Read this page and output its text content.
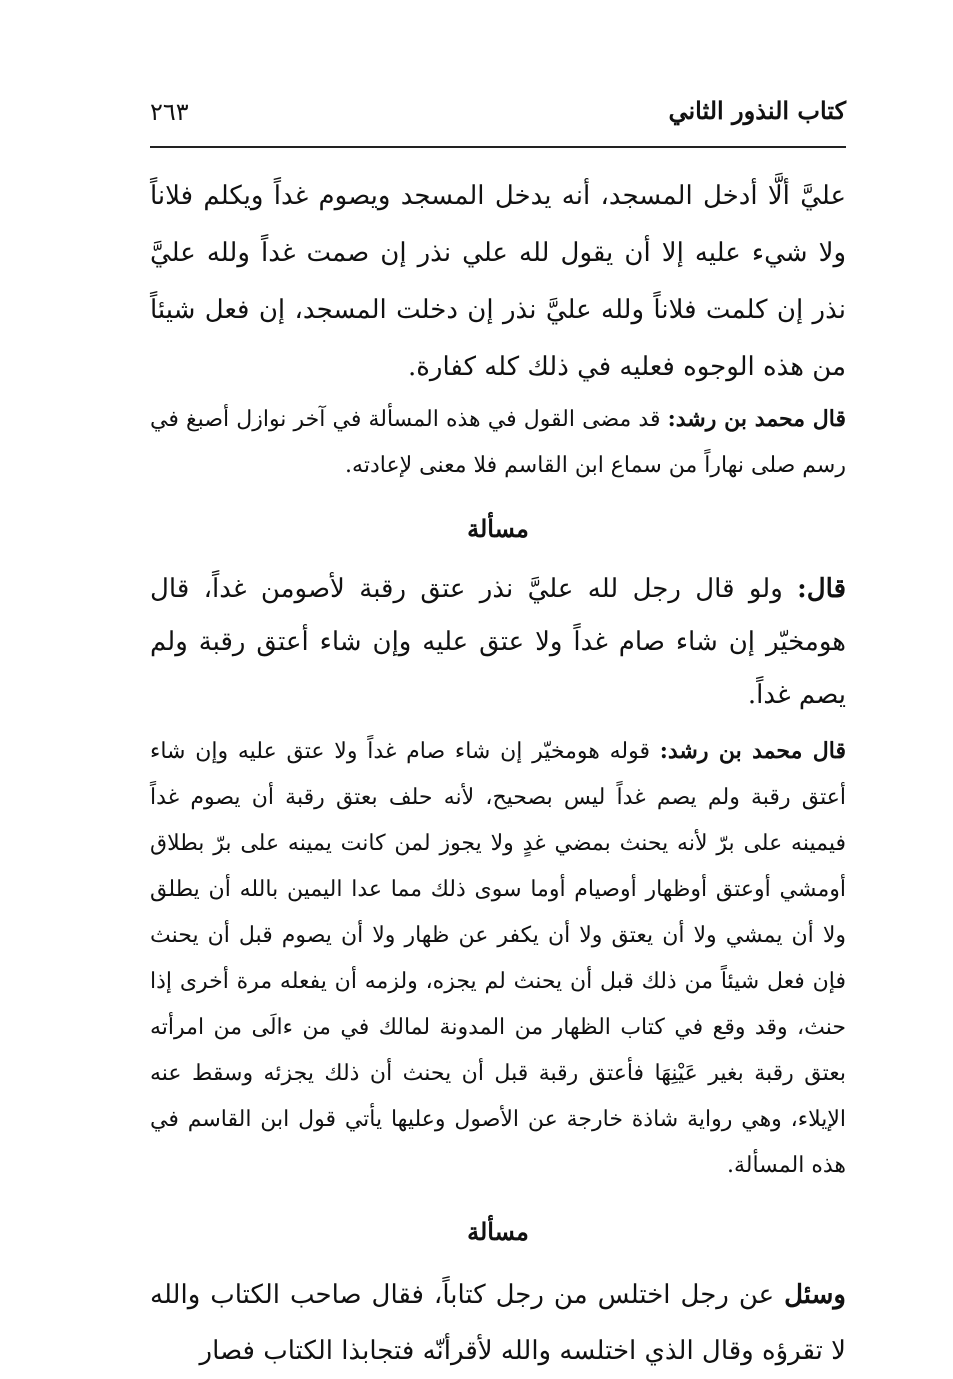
كتاب النذور الثاني
٢٦٣

عليَّ ألَّا أدخل المسجد، أنه يدخل المسجد ويصوم غداً ويكلم فلاناً ولا شيء عليه إلا أن يقول لله علي نذر إن صمت غداً ولله عليَّ نذر إن كلمت فلاناً ولله عليَّ نذر إن دخلت المسجد، إن فعل شيئاً من هذه الوجوه فعليه في ذلك كله كفارة.

قال محمد بن رشد: قد مضى القول في هذه المسألة في آخر نوازل أصبغ في رسم صلى نهاراً من سماع ابن القاسم فلا معنى لإعادته.

مسألة

قال: ولو قال رجل لله عليَّ نذر عتق رقبة لأصومن غداً، قال هومخيّر إن شاء صام غداً ولا عتق عليه وإن شاء أعتق رقبة ولم يصم غداً.

قال محمد بن رشد: قوله هومخيّر إن شاء صام غداً ولا عتق عليه وإن شاء أعتق رقبة ولم يصم غداً ليس بصحيح، لأنه حلف بعتق رقبة أن يصوم غداً فيمينه على برّ لأنه يحنث بمضي غدٍ ولا يجوز لمن كانت يمينه على برّ بطلاق أومشي أوعتق أوظهار أوصيام أوما سوى ذلك مما عدا اليمين بالله أن يطلق ولا أن يمشي ولا أن يعتق ولا أن يكفر عن ظهار ولا أن يصوم قبل أن يحنث فإن فعل شيئاً من ذلك قبل أن يحنث لم يجزه، ولزمه أن يفعله مرة أخرى إذا حنث، وقد وقع في كتاب الظهار من المدونة لمالك في من ءالَى من امرأته بعتق رقبة بغير عَيْنِهَا فأعتق رقبة قبل أن يحنث أن ذلك يجزئه وسقط عنه الإيلاء، وهي رواية شاذة خارجة عن الأصول وعليها يأتي قول ابن القاسم في هذه المسألة.

مسألة

وسئل عن رجل اختلس من رجل كتاباً، فقال صاحب الكتاب والله لا تقرؤه وقال الذي اختلسه والله لأقرأنّه فتجابذا الكتاب فصار
